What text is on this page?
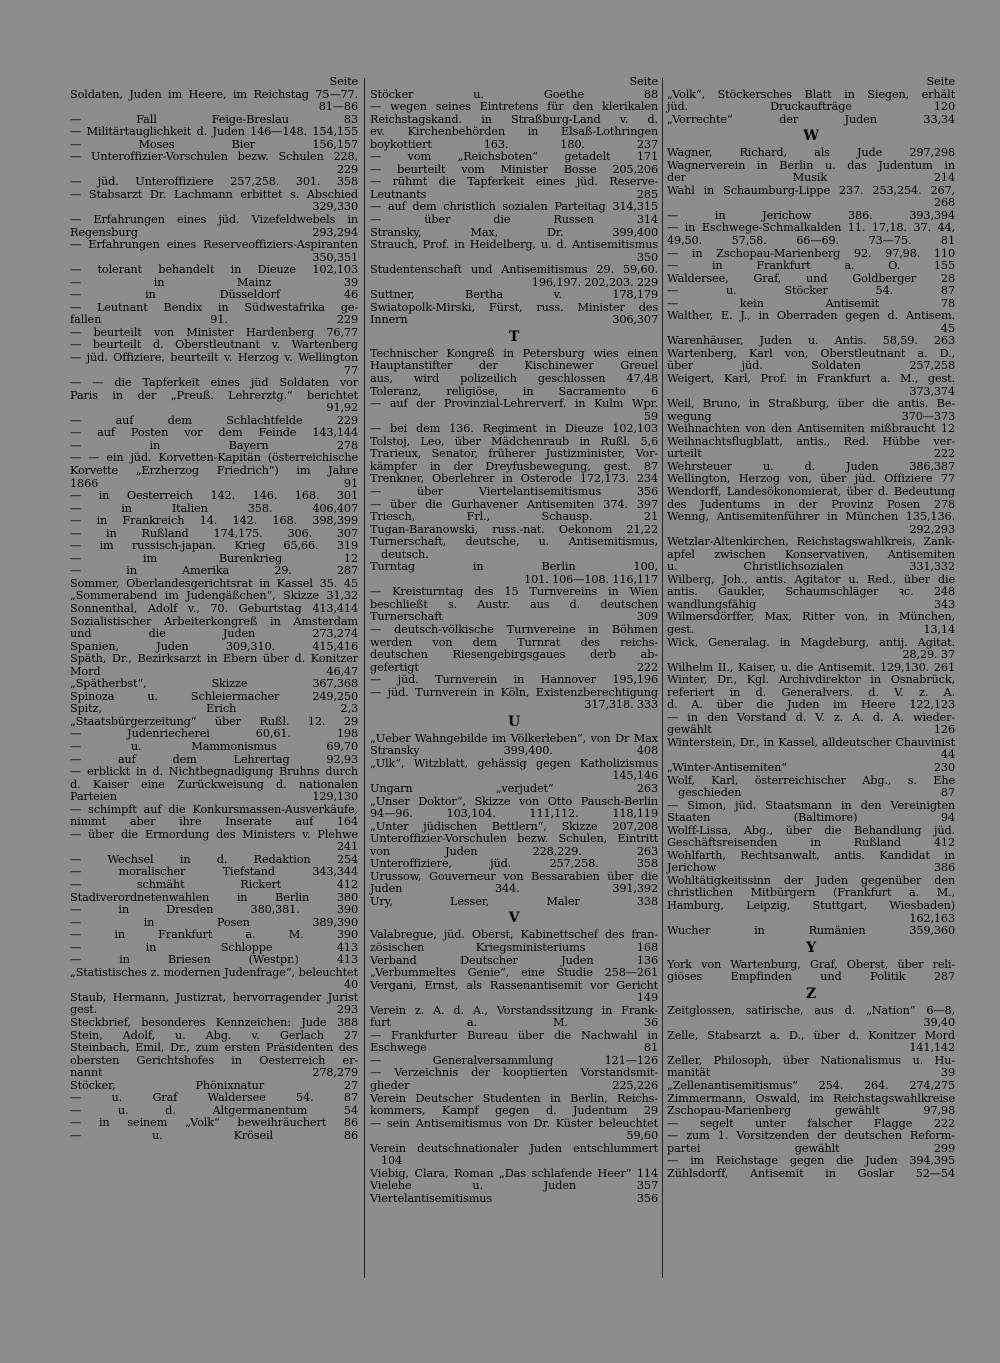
Seite
Soldaten, Juden im Heere, im Reichstag 75—77.
81—86
— Fall Feige-Breslau 83
— Militärtauglichkeit d. Juden 146—148. 154,155
— Moses Bier 156,157
— Unteroffizier-Vorschulen bezw. Schulen 228,
229
— jüd. Unteroffiziere 257,258. 301. 358
— Stabsarzt Dr. Lachmann erbittet s. Abschied
329,330
— Erfahrungen eines jüd. Vizefeldwebels in
Regensburg 293,294
— Erfahrungen eines Reserveoffiziers-Aspiranten
350,351
— tolerant behandelt in Dieuze 102,103
— in Mainz 39
— in Düsseldorf 46
— Leutnant Bendix in Südwestafrika ge-
fallen 91. 229
— beurteilt von Minister Hardenberg 76,77
— beurteilt d. Oberstleutnant v. Wartenberg
— jüd. Offiziere, beurteilt v. Herzog v. Wellington
77
— — die Tapferkeit eines jüd Soldaten vor
Paris in der „Preuß. Lehrerztg.“ berichtet
91,92
— auf dem Schlachtfelde 229
— auf Posten vor dem Feinde 143,144
— in Bayern 278
— — ein jüd. Korvetten-Kapitän (österreichische
Korvette „Erzherzog Friedrich“) im Jahre
1866 91
— in Oesterreich 142. 146. 168. 301
— in Italien 358. 406,407
— in Frankreich 14. 142. 168. 398,399
— in Rußland 174,175. 306. 307
— im russisch-japan. Krieg 65,66. 319
— im Burenkrieg 12
— in Amerika 29. 287
Sommer, Oberlandesgerichtsrat in Kassel 35. 45
„Sommerabend im Judengäßchen“, Skizze 31,32
Sonnenthal, Adolf v., 70. Geburtstag 413,414
Sozialistischer Arbeiterkongreß in Amsterdam
und die Juden 273,274
Spanien, Juden 309,310. 415,416
Späth, Dr., Bezirksarzt in Ebern über d. Konitzer
Mord 46,47
„Spätherbst“, Skizze 367,368
Spinoza u. Schleiermacher 249,250
Spitz, Erich 2,3
„Staatsbürgerzeitung“ über Rußl. 12. 29
— Judenriecherei 60,61. 198
— u. Mammonismus 69,70
— auf dem Lehrertag 92,93
— erblickt in d. Nichtbegnadigung Bruhns durch
d. Kaiser eine Zurückweisung d. nationalen
Parteien 129,130
— schimpft auf die Konkursmassen-Ausverkäufe,
nimmt aber ihre Inserate auf 164
— über die Ermordung des Ministers v. Plehwe
241
— Wechsel in d. Redaktion 254
— moralischer Tiefstand 343,344
— schmäht Rickert 412
Stadtverordnetenwahlen in Berlin 380
— in Dresden 380,381. 390
— in Posen 389,390
— in Frankfurt a. M. 390
— in Schloppe 413
— in Briesen (Westpr.) 413
„Statistisches z. modernen Judenfrage“, beleuchtet
40
Staub, Hermann, Justizrat, hervorragender Jurist
gest. 293
Steckbrief, besonderes Kennzeichen: Jude 388
Stein, Adolf, u. Abg. v. Gerlach 27
Steinbach, Emil, Dr., zum ersten Präsidenten des
obersten Gerichtshofes in Oesterreich er-
nannt 278,279
Stöcker, Phönixnatur 27
— u. Graf Waldersee 54. 87
— u. d. Altgermanentum 54
— in seinem „Volk“ beweihräuchert 86
— u. Kröseil 86
Seite
Stöcker u. Goethe 88
— wegen seines Eintretens für den klerikalen
Reichstagskand. in Straßburg-Land v. d.
ev. Kirchenbehörden in Elsaß-Lothringen
boykottiert 163. 180. 237
— vom „Reichsboten“ getadelt 171
— beurteilt vom Minister Bosse 205,206
— rühmt die Tapferkeit eines jüd. Reserve-
Leutnants 285
— auf dem christlich sozialen Parteitag 314,315
— über die Russen 314
Stransky, Max, Dr. 399,400
Strauch, Prof. in Heidelberg, u. d. Antisemitismus
350
Studentenschaft und Antisemitismus 29. 59,60.
196,197. 202,203. 229
Suttner, Bertha v. 178,179
Swiatopolk-Mirski, Fürst, russ. Minister des
Innern 306,307
T
Technischer Kongreß in Petersburg wies einen
Hauptanstifter der Kischinewer Greuel
aus, wird polizeilich geschlossen 47,48
Toleranz, religiöse, in Sacramento 6
— auf der Provinzial-Lehrerverf. in Kulm Wpr.
59
— bei dem 136. Regiment in Dieuze 102,103
Tolstoj, Leo, über Mädchenraub in Rußl. 5,6
Trarieux, Senator, früherer Justizminister, Vor-
kämpfer in der Dreyfusbewegung, gest. 87
Trenkner, Oberlehrer in Osterode 172,173. 234
— über Viertelantisemitismus 356
— über die Gurhavener Antisemiten 374. 397
Triesch, Frl., Schausp. 21
Tugan-Baranowski, russ.-nat. Oekonom 21,22
Turnerschaft, deutsche, u. Antisemitismus, deutsch.
Turntag in Berlin 100,
101. 106—108. 116,117
— Kreisturntag des 15 Turnvereins in Wien
beschließt s. Austr. aus d. deutschen
Turnerschaft 309
— deutsch-völkische Turnvereine in Böhmen
werden von dem Turnrat des reichs-
deutschen Riesengebirgsgaues derb ab-
gefertigt 222
— jüd. Turnverein in Hannover 195,196
— jüd. Turnverein in Köln, Existenzberechtigung
317,318. 333
U
„Ueber Wahngebilde im Völkerleben“, von Dr Max
Stransky 399,400. 408
„Ulk“, Witzblatt, gehässig gegen Katholizismus
145,146
Ungarn „verjudet“ 263
„Unser Doktor“, Skizze von Otto Pausch-Berlin
94—96. 103,104. 111,112. 118,119
„Unter jüdischen Bettlern“, Skizze 207,208
Unteroffizier-Vorschulen bezw. Schulen, Eintritt
von Juden 228,229. 263
Unteroffiziere, jüd. 257,258. 358
Urussow, Gouverneur von Bessarabien über die
Juden 344. 391,392
Ury, Lesser, Maler 338
V
Valabregue, jüd. Oberst, Kabinettschef des fran-
zösischen Kriegsministeriums 168
Verband Deutscher Juden 136
„Verbummeltes Genie“, eine Studie 258—261
Vergani, Ernst, als Rassenantisemit vor Gericht
149
Verein z. A. d. A., Vorstandssitzung in Frank-
furt a. M. 36
— Frankfurter Bureau über die Nachwahl in
Eschwege 81
— Generalversammlung 121—126
— Verzeichnis der kooptierten Vorstandsmit-
glieder 225,226
Verein Deutscher Studenten in Berlin, Reichs-
kommers, Kampf gegen d. Judentum 29
— sein Antisemitismus von Dr. Küster beleuchtet
59,60
Verein deutschnationaler Juden entschlummert 104
Viebig, Clara, Roman „Das schlafende Heer“ 114
Vielehe u. Juden 357
Viertelantisemitismus 356
Seite
„Volk“, Stöckersches Blatt in Siegen, erhält
jüd. Druckaufträge 120
„Vorrechte“ der Juden 33,34
W
Wagner, Richard, als Jude 297,298
Wagnerverein in Berlin u. das Judentum in
der Musik 214
Wahl in Schaumburg-Lippe 237. 253,254. 267,
268
— in Jerichow 386. 393,394
— in Eschwege-Schmalkalden 11. 17,18. 37. 44,
49,50. 57,58. 66—69. 73—75. 81
— in Zschopau-Marienberg 92. 97,98. 110
— in Frankfurt a. O. 155
Waldersee, Graf, und Goldberger 28
— u. Stöcker 54. 87
— kein Antisemit 78
Walther, E. J., in Oberraden gegen d. Antisem.
45
Warenhäuser, Juden u. Antis. 58,59. 263
Wartenberg, Karl von, Oberstleutnant a. D.,
über jüd. Soldaten 257,258
Weigert, Karl, Prof. in Frankfurt a. M., gest.
373,374
Weil, Bruno, in Straßburg, über die antis. Be-
wegung 370—373
Weihnachten von den Antisemiten mißbraucht 12
Weihnachtsflugblatt, antis., Red. Hübbe ver-
urteilt 222
Wehrsteuer u. d. Juden 386,387
Wellington, Herzog von, über jüd. Offiziere 77
Wendorff, Landesökonomierat, über d. Bedeutung
des Judentums in der Provinz Posen 278
Wenng, Antisemitenführer in München 135,136.
292,293
Wetzlar-Altenkirchen, Reichstagswahlkreis, Zank-
apfel zwischen Konservativen, Antisemiten
u. Christlichsozialen 331,332
Wilberg, Joh., antis. Agitator u. Red., über die
antis. Gaukler, Schaumschläger ꝛc. 248
wandlungsfähig 343
Wilmersdörffer, Max, Ritter von, in München,
gest. 13,14
Wick, Generalag. in Magdeburg, antij. Agitat.
28,29. 37
Wilhelm II., Kaiser, u. die Antisemit. 129,130. 261
Winter, Dr., Kgl. Archivdirektor in Osnabrück,
referiert in d. Generalvers. d. V. z. A.
d. A. über die Juden im Heere 122,123
— in den Vorstand d. V. z. A. d. A. wieder-
gewählt 126
Winterstein, Dr., in Kassel, alldeutscher Chauvinist
44
„Winter-Antisemiten“ 230
Wolf, Karl, österreichischer Abg., s. Ehe geschieden 87
— Simon, jüd. Staatsmann in den Vereinigten
Staaten (Baltimore) 94
Wolff-Lissa, Abg., über die Behandlung jüd.
Geschäftsreisenden in Rußland 412
Wohlfarth, Rechtsanwalt, antis. Kandidat in
Jerichow 386
Wohltätigkeitssinn der Juden gegenüber den
christlichen Mitbürgern (Frankfurt a. M.,
Hamburg, Leipzig, Stuttgart, Wiesbaden)
162,163
Wucher in Rumänien 359,360
Y
York von Wartenburg, Graf, Oberst, über reli-
giöses Empfinden und Politik 287
Z
Zeitglossen, satirische, aus d. „Nation“ 6—8,
39,40
Zelle, Stabsarzt a. D., über d. Konitzer Mord
141,142
Zeller, Philosoph, über Nationalismus u. Hu-
manität 39
„Zellenantisemitismus“ 254. 264. 274,275
Zimmermann, Oswald, im Reichstagswahlkreise
Zschopau-Marienberg gewählt 97,98
— segelt unter falscher Flagge 222
— zum 1. Vorsitzenden der deutschen Reform-
partei gewählt 299
— im Reichstage gegen die Juden 394,395
Zühlsdorff, Antisemit in Goslar 52—54
